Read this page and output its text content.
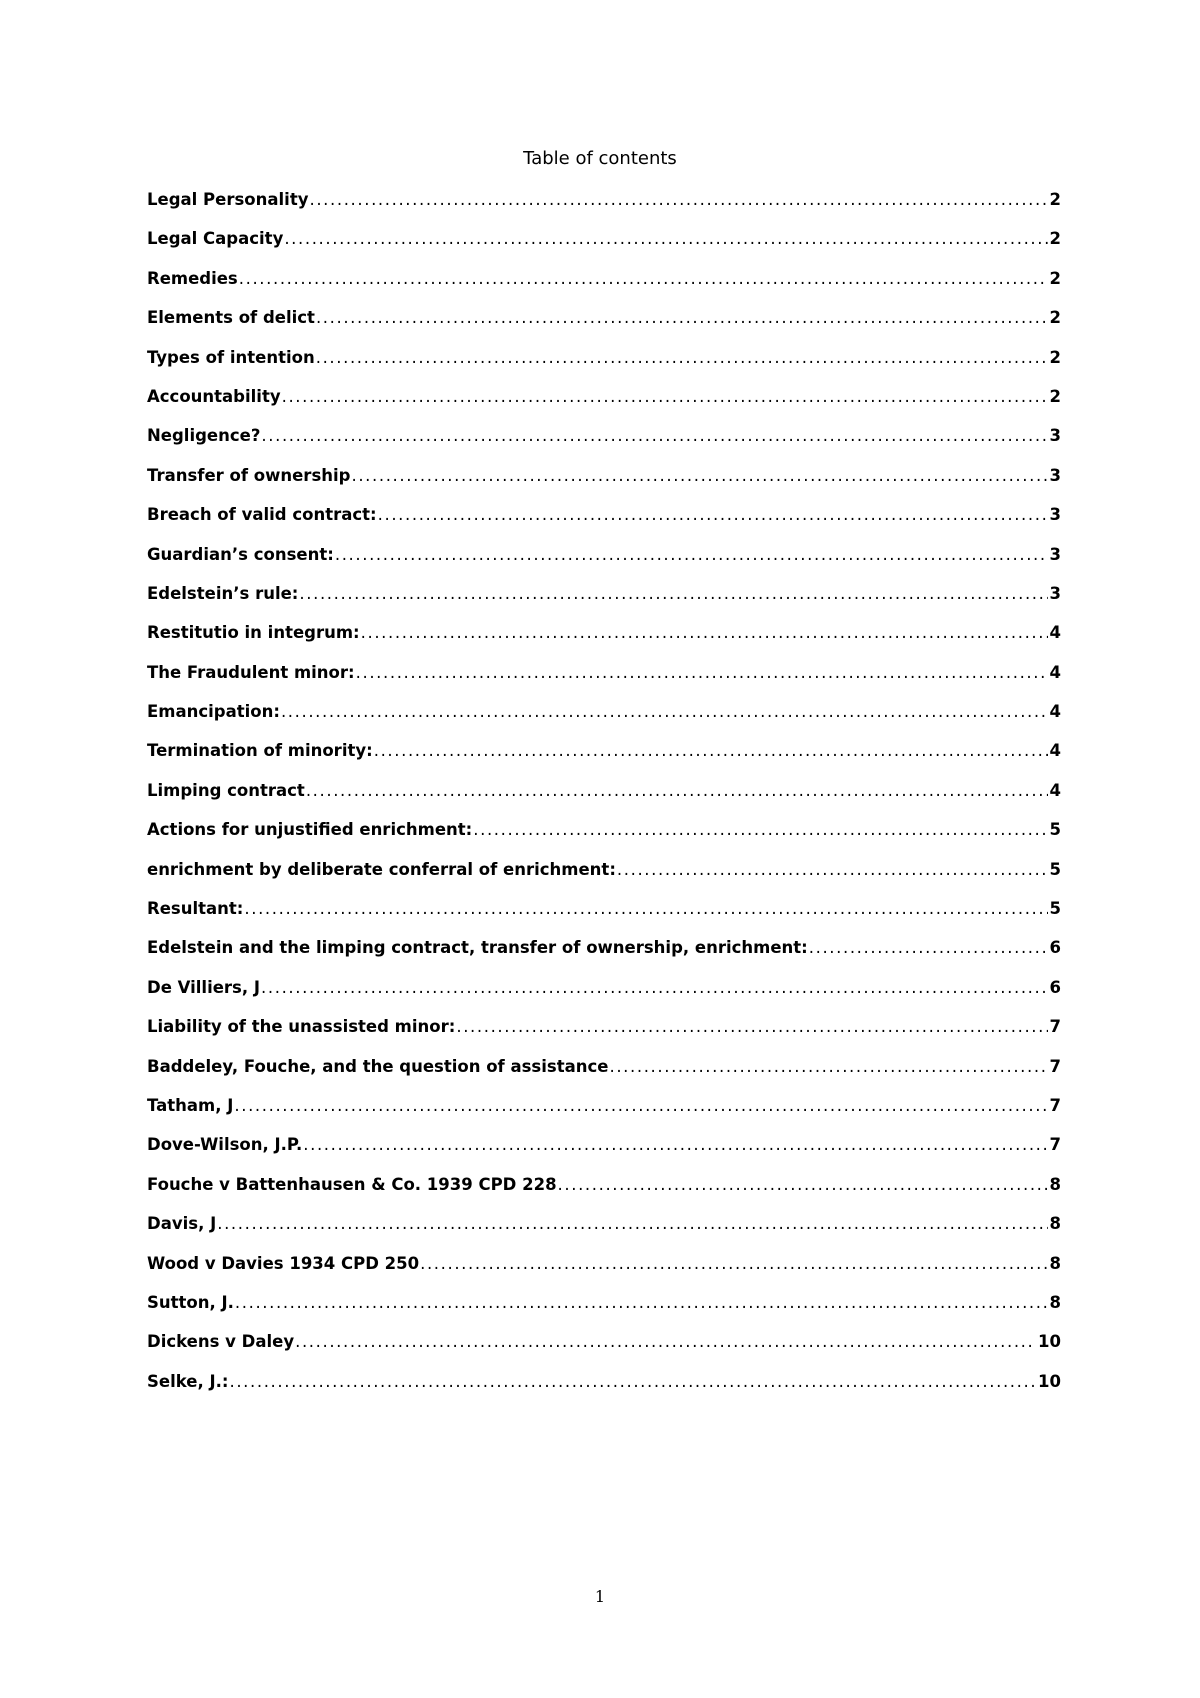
Table of contents
Legal Personality .....	2
Legal Capacity .....	2
Remedies .....	2
Elements of delict .....	2
Types of intention .....	2
Accountability .....	2
Negligence? .....	3
Transfer of ownership .....	3
Breach of valid contract: .....	3
Guardian’s consent: .....	3
Edelstein’s rule: .....	3
Restitutio in integrum: .....	4
The Fraudulent minor: .....	4
Emancipation: .....	4
Termination of minority: .....	4
Limping contract .....	4
Actions for unjustified enrichment: .....	5
enrichment by deliberate conferral of enrichment: .....	5
Resultant: .....	5
Edelstein and the limping contract, transfer of ownership, enrichment: .....	6
De Villiers, J .....	6
Liability of the unassisted minor: .....	7
Baddeley, Fouche, and the question of assistance .....	7
Tatham, J .....	7
Dove-Wilson, J.P. .....	7
Fouche v Battenhausen & Co. 1939 CPD 228 .....	8
Davis, J .....	8
Wood v Davies 1934 CPD 250 .....	8
Sutton, J. .....	8
Dickens v Daley .....	10
Selke, J.: .....	10
1
